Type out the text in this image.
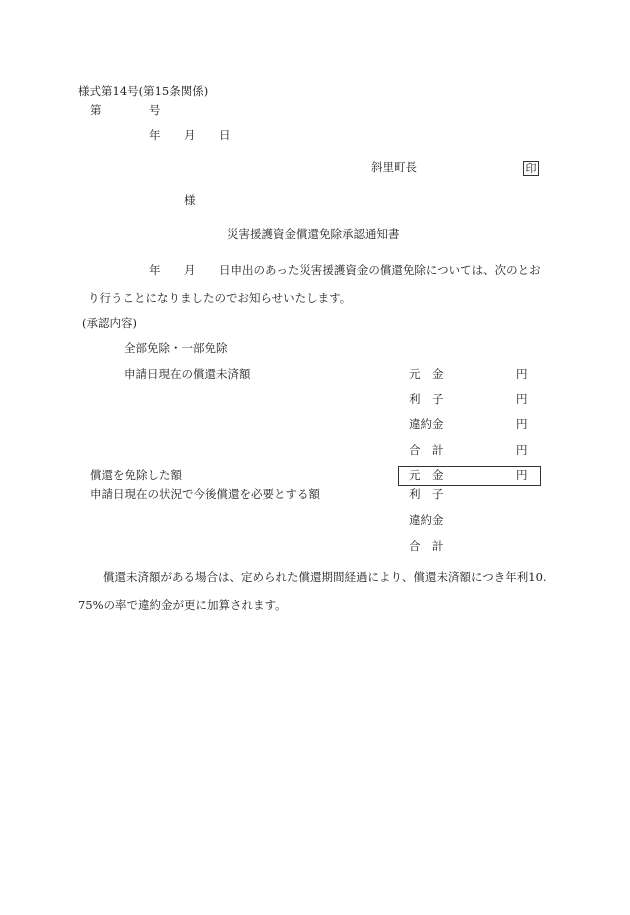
様式第14号(第15条関係)
第	号
年 月 日
斜里町長	印
様
災害援護資金償還免除承認通知書
年 月 日申出のあった災害援護資金の償還免除については、次のとお
り行うことになりましたのでお知らせいたします。
(承認内容)
全部免除・一部免除
申請日現在の償還未済額	元　金	円
利　子	円
違約金	円
合　計	円
償還を免除した額	元　金	円
申請日現在の状況で今後償還を必要とする額	利　子
違約金
合　計
償還未済額がある場合は、定められた償還期間経過により、償還未済額につき年利10.
75%の率で違約金が更に加算されます。
